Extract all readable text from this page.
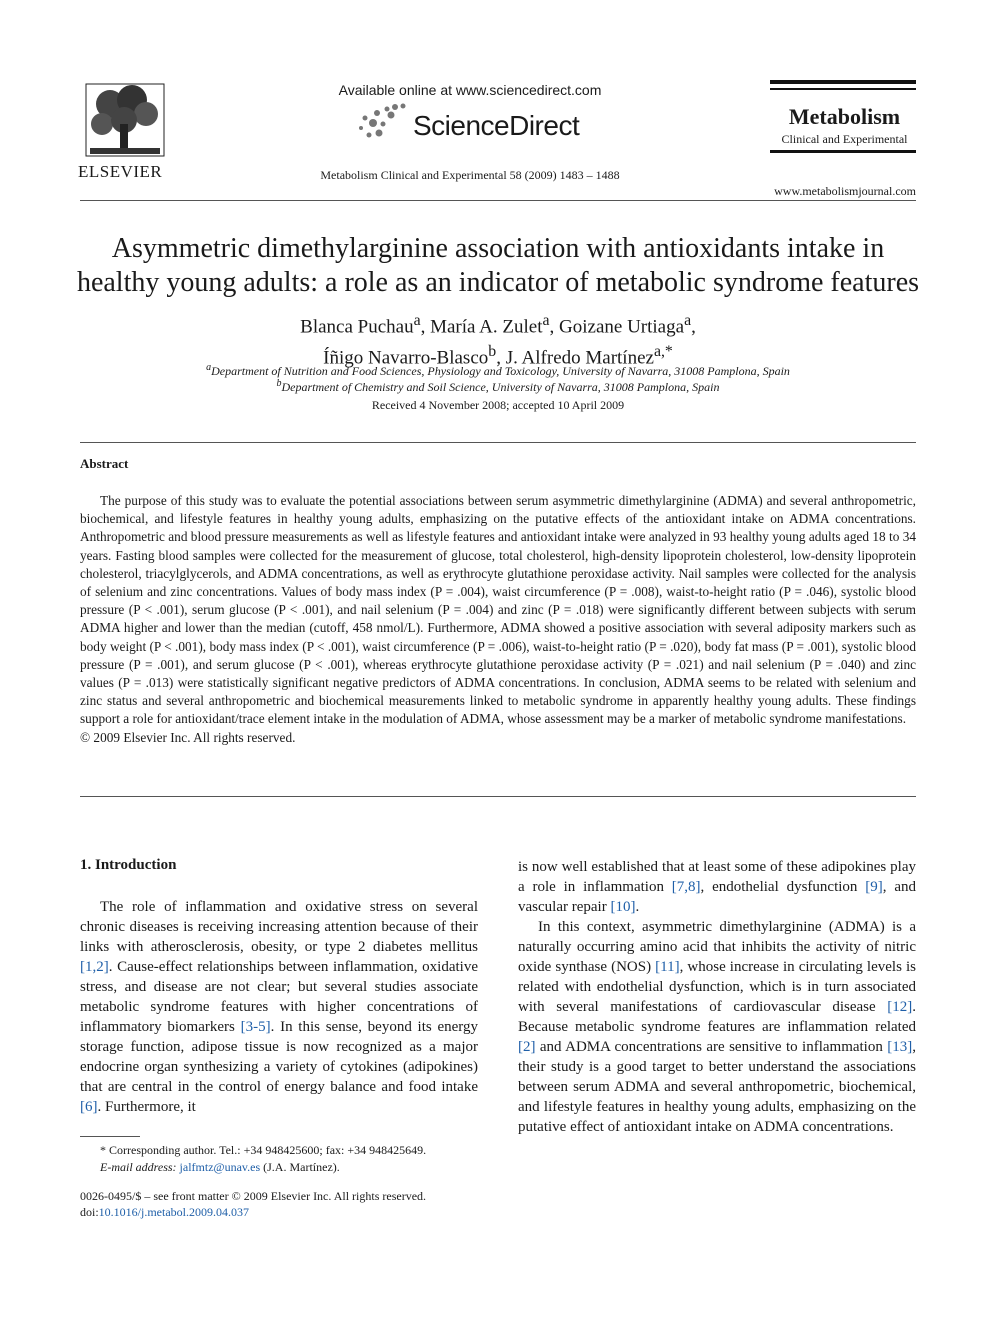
ELSEVIER
Available online at www.sciencedirect.com
ScienceDirect
Metabolism Clinical and Experimental 58 (2009) 1483 – 1488
Metabolism
Clinical and Experimental
www.metabolismjournal.com
Asymmetric dimethylarginine association with antioxidants intake in
healthy young adults: a role as an indicator of metabolic syndrome features
Blanca Puchau$^a$, María A. Zulet$^a$, Goizane Urtiaga$^a$,
Íñigo Navarro-Blasco$^b$, J. Alfredo Martínez$^{a,*}$
$^a$Department of Nutrition and Food Sciences, Physiology and Toxicology, University of Navarra, 31008 Pamplona, Spain
$^b$Department of Chemistry and Soil Science, University of Navarra, 31008 Pamplona, Spain
Received 4 November 2008; accepted 10 April 2009
Abstract

The purpose of this study was to evaluate the potential associations between serum asymmetric dimethylarginine (ADMA) and several anthropometric, biochemical, and lifestyle features in healthy young adults, emphasizing on the putative effects of the antioxidant intake on ADMA concentrations. Anthropometric and blood pressure measurements as well as lifestyle features and antioxidant intake were analyzed in 93 healthy young adults aged 18 to 34 years. Fasting blood samples were collected for the measurement of glucose, total cholesterol, high-density lipoprotein cholesterol, low-density lipoprotein cholesterol, triacylglycerols, and ADMA concentrations, as well as erythrocyte glutathione peroxidase activity. Nail samples were collected for the analysis of selenium and zinc concentrations. Values of body mass index (P = .004), waist circumference (P = .008), waist-to-height ratio (P = .046), systolic blood pressure (P < .001), serum glucose (P < .001), and nail selenium (P = .004) and zinc (P = .018) were significantly different between subjects with serum ADMA higher and lower than the median (cutoff, 458 nmol/L). Furthermore, ADMA showed a positive association with several adiposity markers such as body weight (P < .001), body mass index (P < .001), waist circumference (P = .006), waist-to-height ratio (P = .020), body fat mass (P = .001), systolic blood pressure (P = .001), and serum glucose (P < .001), whereas erythrocyte glutathione peroxidase activity (P = .021) and nail selenium (P = .040) and zinc values (P = .013) were statistically significant negative predictors of ADMA concentrations. In conclusion, ADMA seems to be related with selenium and zinc status and several anthropometric and biochemical measurements linked to metabolic syndrome in apparently healthy young adults. These findings support a role for antioxidant/trace element intake in the modulation of ADMA, whose assessment may be a marker of metabolic syndrome manifestations.

© 2009 Elsevier Inc. All rights reserved.
1. Introduction

The role of inflammation and oxidative stress on several chronic diseases is receiving increasing attention because of their links with atherosclerosis, obesity, or type 2 diabetes mellitus [1,2]. Cause-effect relationships between inflammation, oxidative stress, and disease are not clear; but several studies associate metabolic syndrome features with higher concentrations of inflammatory biomarkers [3-5]. In this sense, beyond its energy storage function, adipose tissue is now recognized as a major endocrine organ synthesizing a variety of cytokines (adipokines) that are central in the control of energy balance and food intake [6]. Furthermore, it

is now well established that at least some of these adipokines play a role in inflammation [7,8], endothelial dysfunction [9], and vascular repair [10].

In this context, asymmetric dimethylarginine (ADMA) is a naturally occurring amino acid that inhibits the activity of nitric oxide synthase (NOS) [11], whose increase in circulating levels is related with endothelial dysfunction, which is in turn associated with several manifestations of cardiovascular disease [12]. Because metabolic syndrome features are inflammation related [2] and ADMA concentrations are sensitive to inflammation [13], their study is a good target to better understand the associations between serum ADMA and several anthropometric, biochemical, and lifestyle features in healthy young adults, emphasizing on the putative effect of antioxidant intake on ADMA concentrations.

* Corresponding author. Tel.: +34 948425600; fax: +34 948425649.
E-mail address: jalfmtz@unav.es (J.A. Martínez).
0026-0495/$ – see front matter © 2009 Elsevier Inc. All rights reserved.
doi:10.1016/j.metabol.2009.04.037
